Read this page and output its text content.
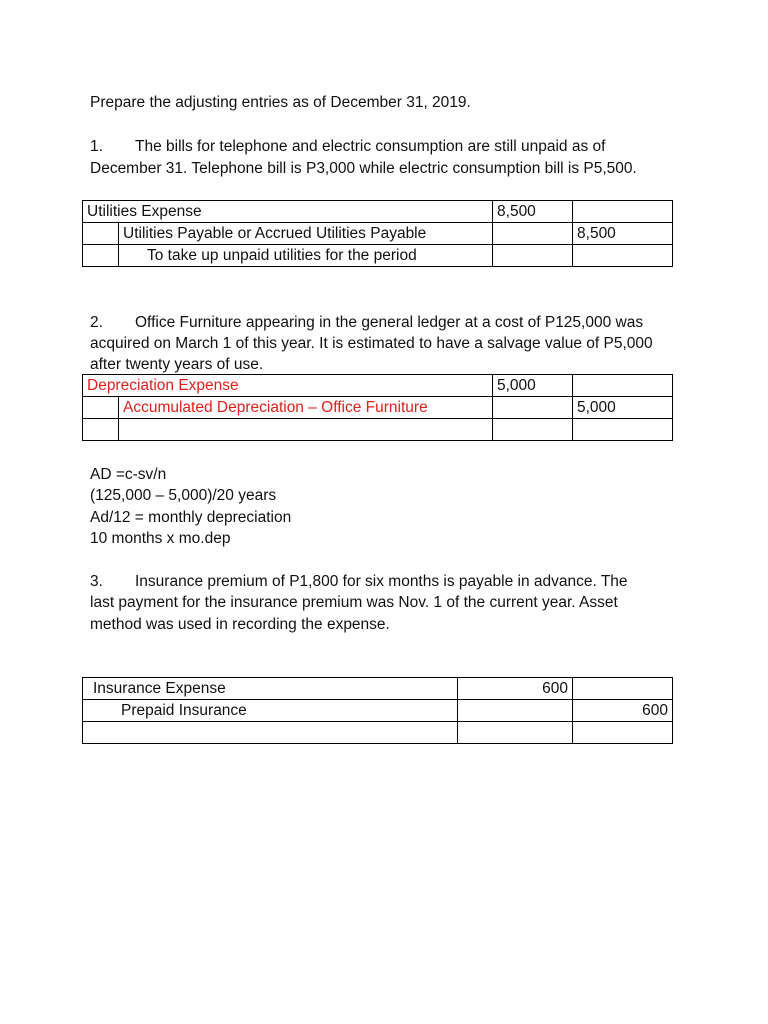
Prepare the adjusting entries as of December 31, 2019.
1. The bills for telephone and electric consumption are still unpaid as of
December 31. Telephone bill is P3,000 while electric consumption bill is P5,500.
Utilities Expense		8,500	
	Utilities Payable or Accrued Utilities Payable		8,500
	To take up unpaid utilities for the period		
2. Office Furniture appearing in the general ledger at a cost of P125,000 was
acquired on March 1 of this year. It is estimated to have a salvage value of P5,000
after twenty years of use.
Depreciation Expense		5,000	
	Accumulated Depreciation – Office Furniture		5,000

AD =c-sv/n
(125,000 – 5,000)/20 years
Ad/12 = monthly depreciation
10 months x mo.dep
3. Insurance premium of P1,800 for six months is payable in advance. The
last payment for the insurance premium was Nov. 1 of the current year. Asset
method was used in recording the expense.
Insurance Expense	600	
Prepaid Insurance		600
